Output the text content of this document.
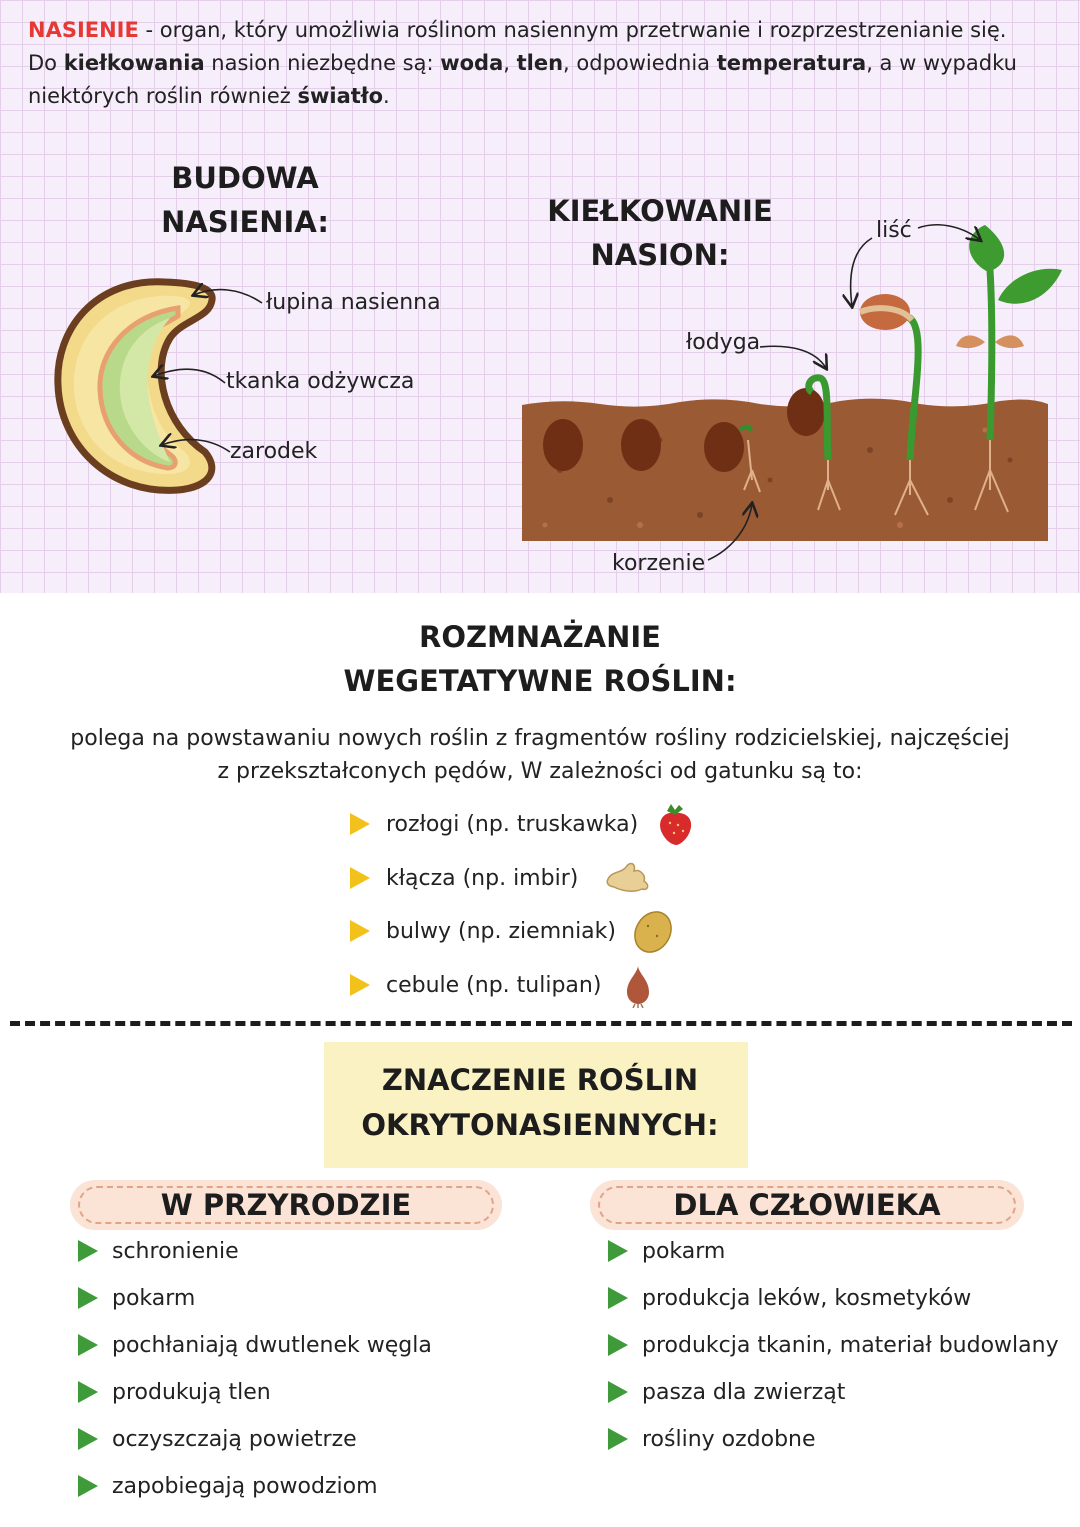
NASIENIE - organ, który umożliwia roślinom nasiennym przetrwanie i rozprzestrzenianie się.
Do kiełkowania nasion niezbędne są: woda, tlen, odpowiednia temperatura, a w wypadku
niektórych roślin również światło.
BUDOWA
NASIENIA:
łupina nasienna
tkanka odżywcza
zarodek
KIEŁKOWANIE
NASION:
liść
łodyga
korzenie
ROZMNAŻANIE
WEGETATYWNE ROŚLIN:
polega na powstawaniu nowych roślin z fragmentów rośliny rodzicielskiej, najczęściej
z przekształconych pędów, W zależności od gatunku są to:
rozłogi (np. truskawka)
kłącza (np. imbir)
bulwy (np. ziemniak)
cebule (np. tulipan)
ZNACZENIE ROŚLIN
OKRYTONASIENNYCH:
W PRZYRODZIE	DLA CZŁOWIEKA
schronienie
pokarm
pochłaniają dwutlenek węgla
produkują tlen
oczyszczają powietrze
zapobiegają powodziom
pokarm
produkcja leków, kosmetyków
produkcja tkanin, materiał budowlany
pasza dla zwierząt
rośliny ozdobne
